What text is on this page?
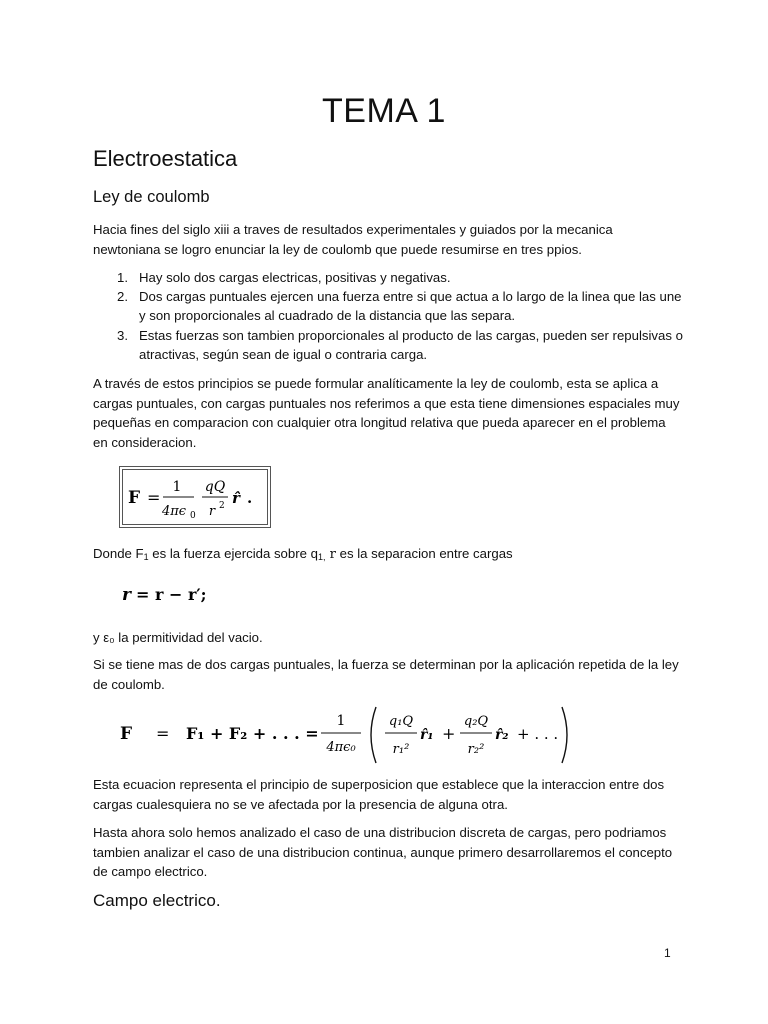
TEMA 1
Electroestatica
Ley de coulomb
Hacia fines del siglo xiii a traves de resultados experimentales y guiados por la mecanica newtoniana se logro enunciar la ley de coulomb que puede resumirse en tres ppios.
1. Hay solo dos cargas electricas, positivas y negativas.
2. Dos cargas puntuales ejercen una fuerza entre si que actua a lo largo de la linea que las une y son proporcionales al cuadrado de la distancia que las separa.
3. Estas fuerzas son tambien proporcionales al producto de las cargas, pueden ser repulsivas o atractivas, según sean de igual o contraria carga.
A través de estos principios se puede formular analíticamente la ley de coulomb, esta se aplica a cargas puntuales, con cargas puntuales nos referimos a que esta tiene dimensiones espaciales muy pequeñas en comparacion con cualquier otra longitud relativa que pueda aparecer en el problema en consideracion.
F =
1
4πϵ 0
qQ
r 2 r̂ .
Donde $F_1$ es la fuerza ejercida sobre $q_{1,}$ r es la separacion entre cargas
r = r − r′;
y ε₀ la permitividad del vacio.
Si se tiene mas de dos cargas puntuales, la fuerza se determinan por la aplicación repetida de la ley de coulomb.
F = F₁ + F₂ + . . . =
1
4πϵ₀
q₁Q
r₁²
r̂₁ +
q₂Q
r₂²
r̂₂ + . . .
Esta ecuacion representa el principio de superposicion que establece que la interaccion entre dos cargas cualesquiera no se ve afectada por la presencia de alguna otra.
Hasta ahora solo hemos analizado el caso de una distribucion discreta de cargas, pero podriamos tambien analizar el caso de una distribucion continua, aunque primero desarrollaremos el concepto de campo electrico.
Campo electrico.
1
